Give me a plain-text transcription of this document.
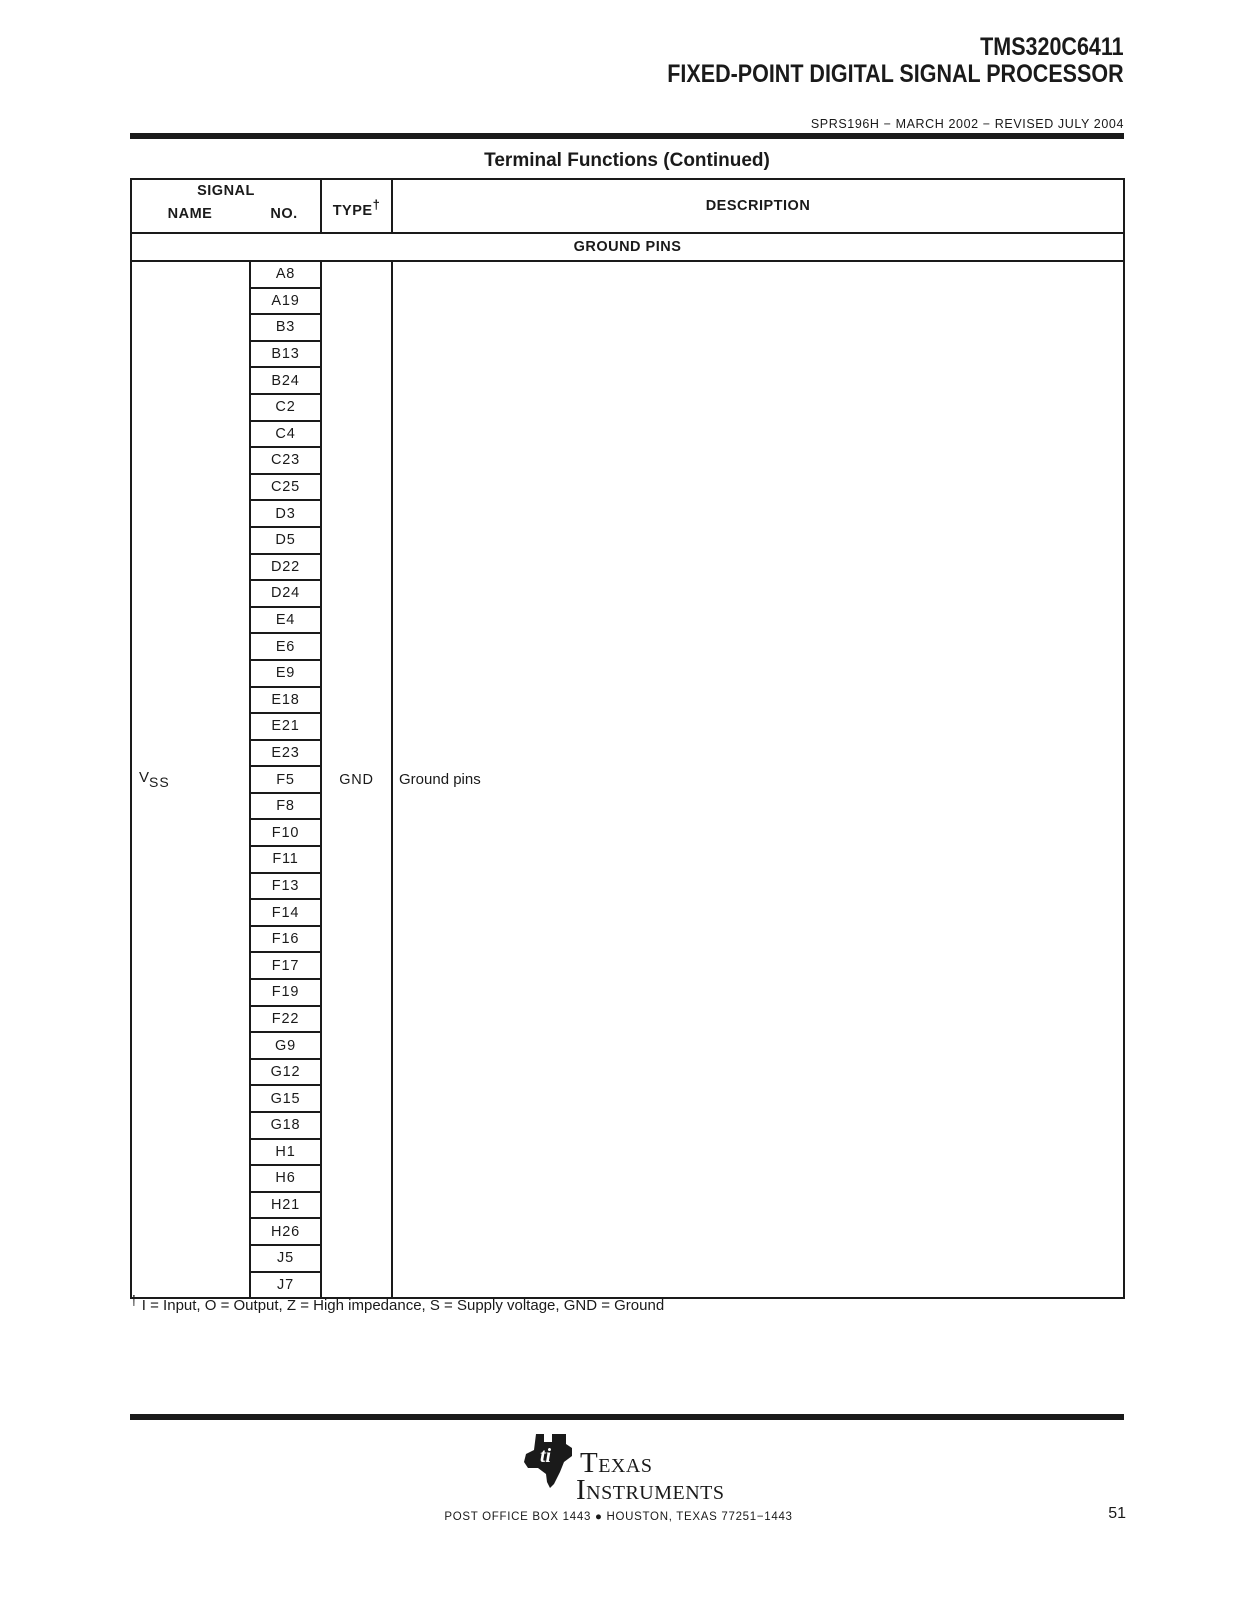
TMS320C6411
FIXED-POINT DIGITAL SIGNAL PROCESSOR
SPRS196H − MARCH 2002 − REVISED JULY 2004
Terminal Functions (Continued)
SIGNAL
NAME NO.		TYPE†	DESCRIPTION
GROUND PINS			
$V_{SS}$	A8	GND	Ground pins
	A19		
	B3		
	B13		
	B24		
	C2		
	C4		
	C23		
	C25		
	D3		
	D5		
	D22		
	D24		
	E4		
	E6		
	E9		
	E18		
	E21		
	E23		
	F5		
	F8		
	F10		
	F11		
	F13		
	F14		
	F16		
	F17		
	F19		
	F22		
	G9		
	G12		
	G15		
	G18		
	H1		
	H6		
	H21		
	H26		
	J5		
	J7		
† I = Input, O = Output, Z = High impedance, S = Supply voltage, GND = Ground
ti Texas
Instruments
POST OFFICE BOX 1443 ● HOUSTON, TEXAS 77251−1443	51
